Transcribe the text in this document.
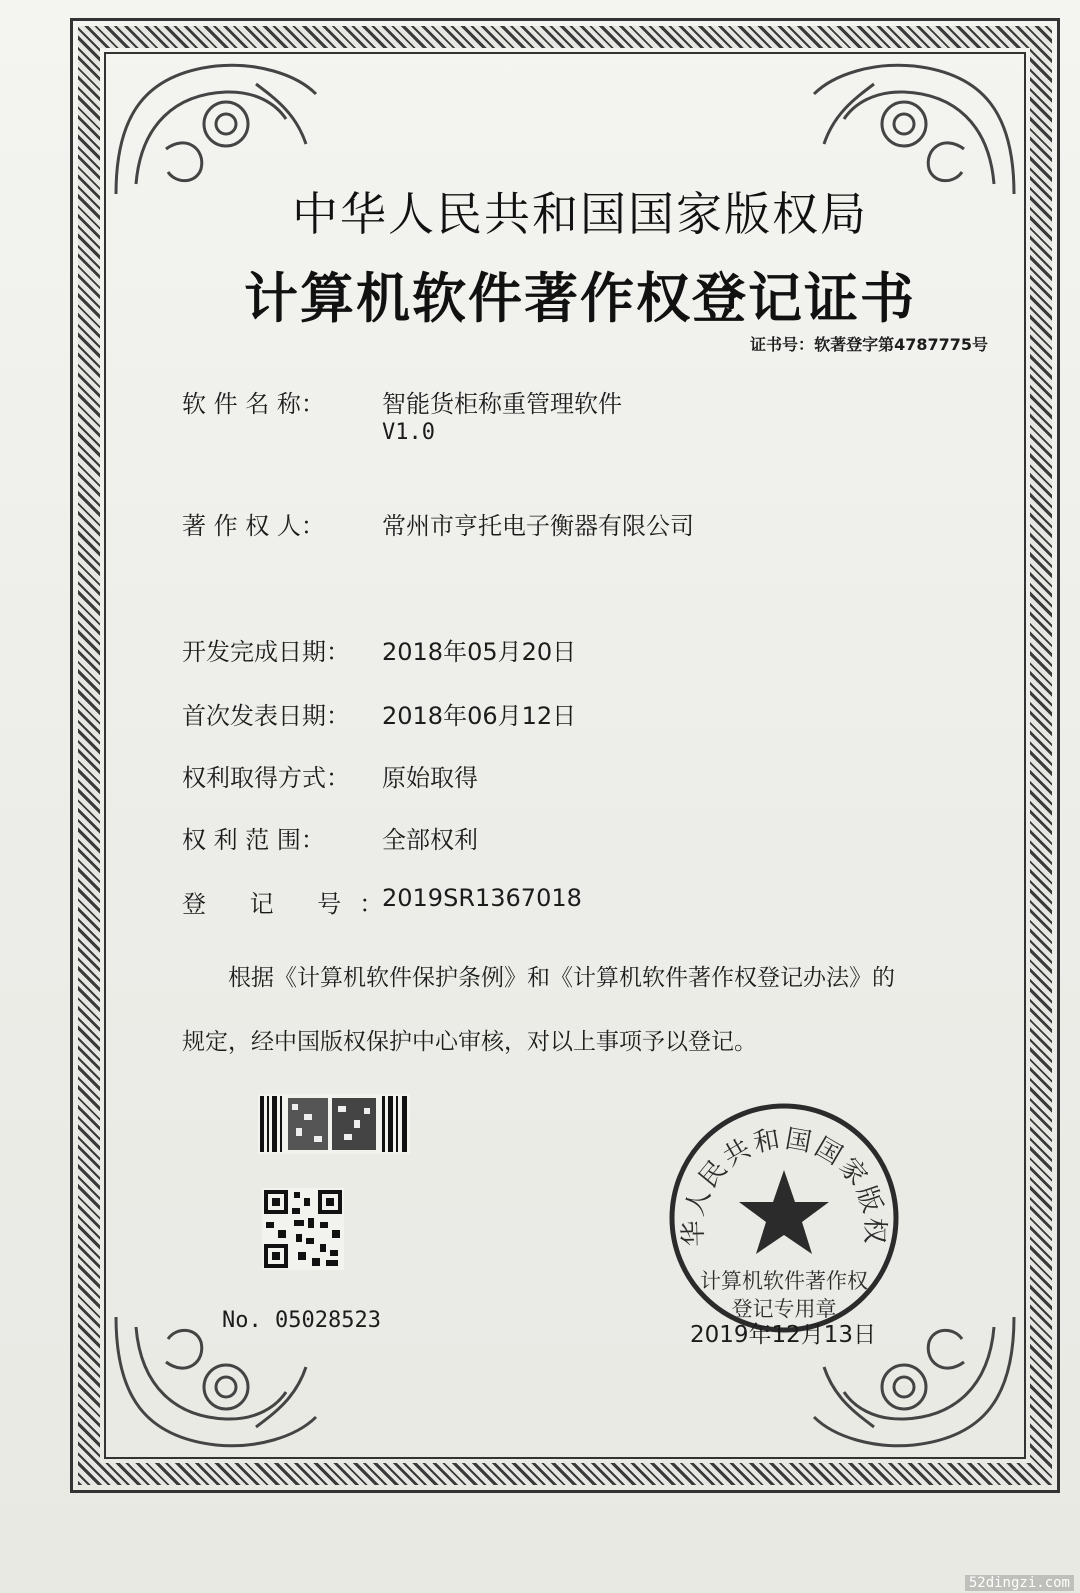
中华人民共和国国家版权局
计算机软件著作权登记证书
证书号：软著登字第4787775号
软 件 名 称： 智能货柜称重管理软件
V1.0
著 作 权 人： 常州市亨托电子衡器有限公司
开发完成日期： 2018年05月20日
首次发表日期： 2018年06月12日
权利取得方式： 原始取得
权 利 范 围： 全部权利
登 记 号：
2019SR1367018
根据《计算机软件保护条例》和《计算机软件著作权登记办法》的
规定，经中国版权保护中心审核，对以上事项予以登记。
No. 05028523
华人民共和国国家版权
计算机软件著作权
登记专用章
2019年12月13日
52dingzi.com
